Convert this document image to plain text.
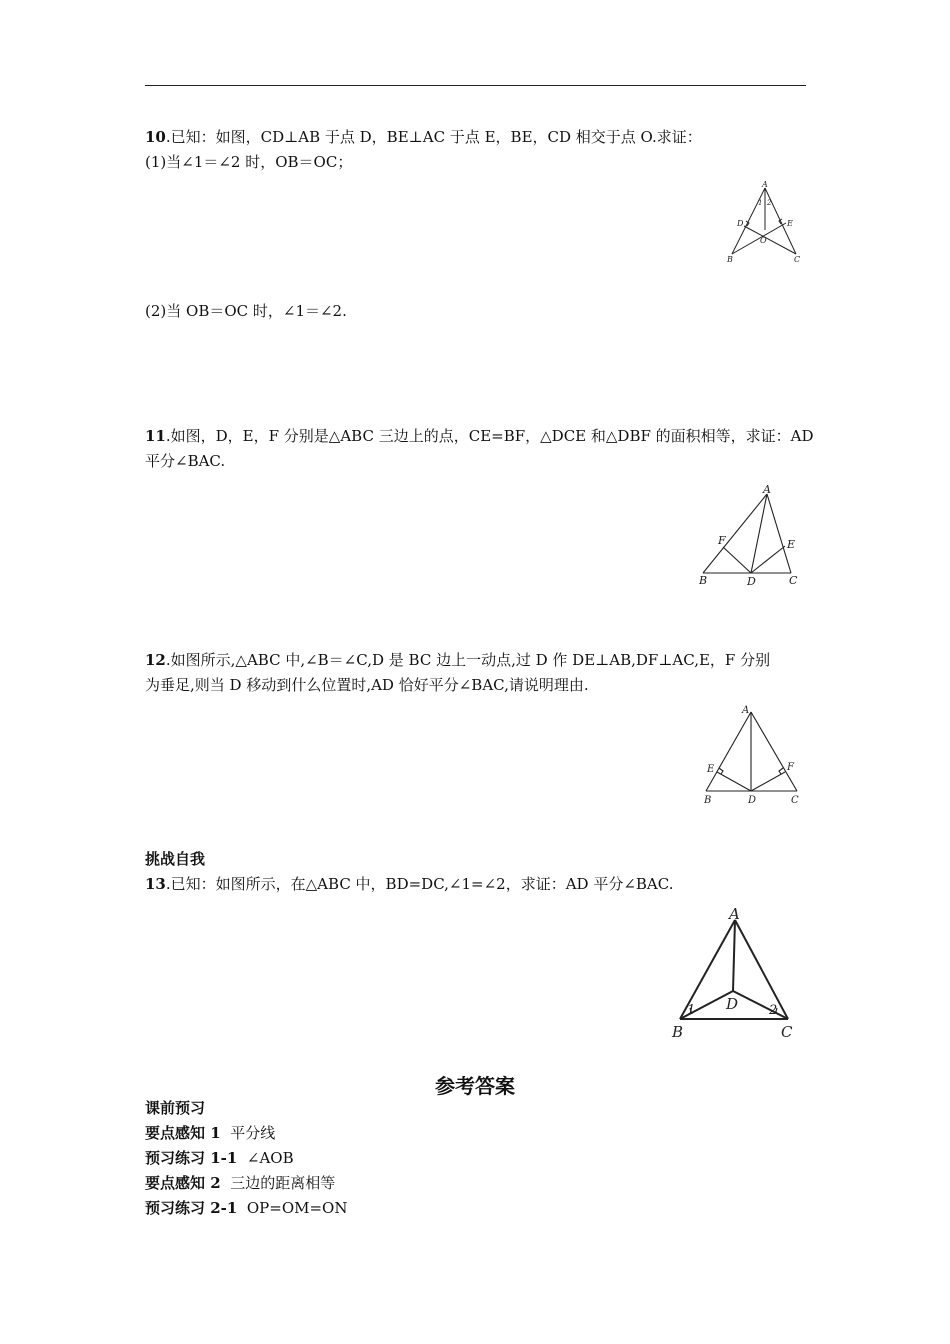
10.已知：如图，CD⊥AB 于点 D，BE⊥AC 于点 E，BE，CD 相交于点 O.求证：
(1)当∠1＝∠2 时，OB＝OC；
A
1 2
D	E
O
B	C
(2)当 OB＝OC 时，∠1＝∠2.
11.如图，D，E，F 分别是△ABC 三边上的点，CE=BF，△DCE 和△DBF 的面积相等，求证：AD
平分∠BAC.
A
F	E
B	D	C
12.如图所示,△ABC 中,∠B＝∠C,D 是 BC 边上一动点,过 D 作 DE⊥AB,DF⊥AC,E，F 分别
为垂足,则当 D 移动到什么位置时,AD 恰好平分∠BAC,请说明理由.
A
E	F
B	D	C
挑战自我
13.已知：如图所示，在△ABC 中，BD=DC,∠1=∠2，求证：AD 平分∠BAC.
A
D
1	2
B	C
参考答案
课前预习
要点感知 1 平分线
预习练习 1-1 ∠AOB
要点感知 2 三边的距离相等
预习练习 2-1 OP=OM=ON
